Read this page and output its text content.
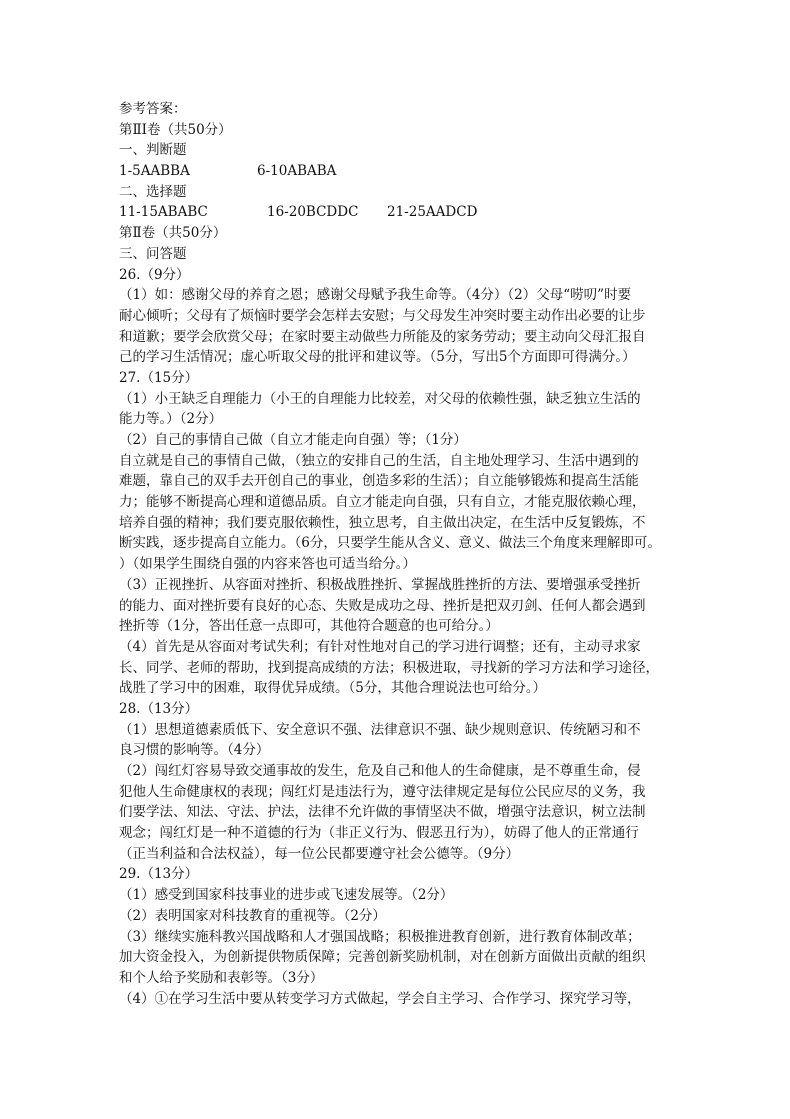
参考答案：
第ⅡⅠ卷（共50分）
一、判断题
1-5AABBA	6-10ABABA
二、选择题
11-15ABABC	16-20BCDDC 21-25AADCD
第Ⅱ卷（共50分）
三、问答题
26.（9分）
（1）如：感谢父母的养育之恩；感谢父母赋予我生命等。（4分）（2）父母“唠叨”时要
耐心倾听；父母有了烦恼时要学会怎样去安慰；与父母发生冲突时要主动作出必要的让步
和道歉；要学会欣赏父母；在家时要主动做些力所能及的家务劳动；要主动向父母汇报自
己的学习生活情况；虚心听取父母的批评和建议等。（5分，写出5个方面即可得满分。）
27.（15分）
（1）小王缺乏自理能力（小王的自理能力比较差，对父母的依赖性强，缺乏独立生活的
能力等。）（2分）
（2）自己的事情自己做（自立才能走向自强）等；（1分）
自立就是自己的事情自己做，（独立的安排自己的生活，自主地处理学习、生活中遇到的
难题，靠自己的双手去开创自己的事业，创造多彩的生活）；自立能够锻炼和提高生活能
力；能够不断提高心理和道德品质。自立才能走向自强，只有自立，才能克服依赖心理，
培养自强的精神；我们要克服依赖性，独立思考，自主做出决定，在生活中反复锻炼，不
断实践，逐步提高自立能力。（6分，只要学生能从含义、意义、做法三个角度来理解即可。
）（如果学生围绕自强的内容来答也可适当给分。）
（3）正视挫折、从容面对挫折、积极战胜挫折、掌握战胜挫折的方法、要增强承受挫折
的能力、面对挫折要有良好的心态、失败是成功之母、挫折是把双刃剑、任何人都会遇到
挫折等（1分，答出任意一点即可，其他符合题意的也可给分。）
（4）首先是从容面对考试失利；有针对性地对自己的学习进行调整；还有，主动寻求家
长、同学、老师的帮助，找到提高成绩的方法；积极进取，寻找新的学习方法和学习途径，
战胜了学习中的困难，取得优异成绩。（5分，其他合理说法也可给分。）
28.（13分）
（1）思想道德素质低下、安全意识不强、法律意识不强、缺少规则意识、传统陋习和不
良习惯的影响等。（4分）
（2）闯红灯容易导致交通事故的发生，危及自己和他人的生命健康，是不尊重生命，侵
犯他人生命健康权的表现；闯红灯是违法行为，遵守法律规定是每位公民应尽的义务，我
们要学法、知法、守法、护法，法律不允许做的事情坚决不做，增强守法意识，树立法制
观念；闯红灯是一种不道德的行为（非正义行为、假恶丑行为），妨碍了他人的正常通行
（正当利益和合法权益），每一位公民都要遵守社会公德等。（9分）
29.（13分）
（1）感受到国家科技事业的进步或飞速发展等。（2分）
（2）表明国家对科技教育的重视等。（2分）
（3）继续实施科教兴国战略和人才强国战略；积极推进教育创新，进行教育体制改革；
加大资金投入，为创新提供物质保障；完善创新奖励机制，对在创新方面做出贡献的组织
和个人给予奖励和表彰等。（3分）
（4）①在学习生活中要从转变学习方式做起，学会自主学习、合作学习、探究学习等，
